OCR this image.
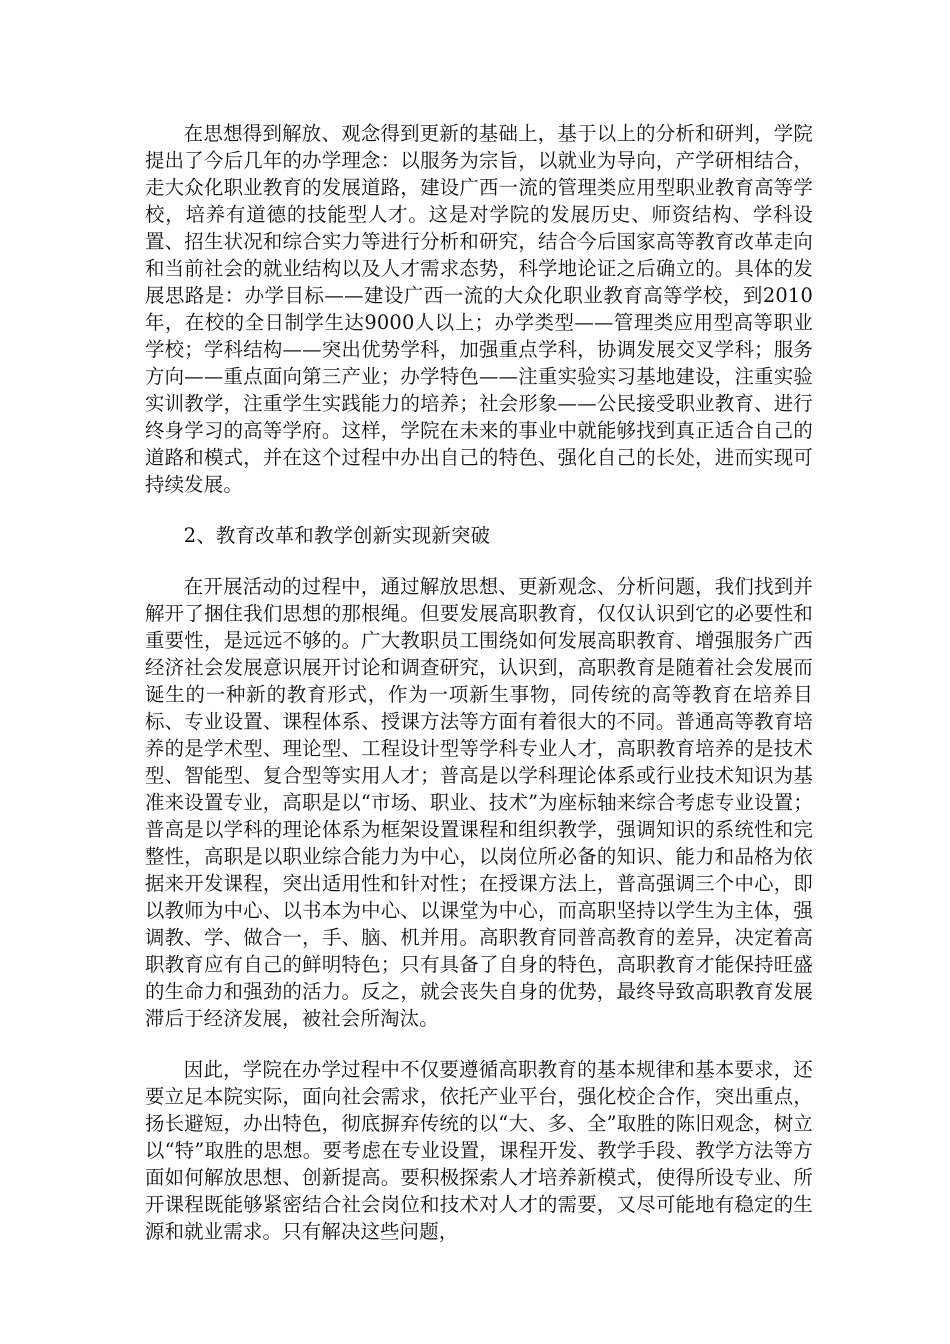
在思想得到解放、观念得到更新的基础上，基于以上的分析和研判，学院提出了今后几年的办学理念：以服务为宗旨，以就业为导向，产学研相结合，走大众化职业教育的发展道路，建设广西一流的管理类应用型职业教育高等学校，培养有道德的技能型人才。这是对学院的发展历史、师资结构、学科设置、招生状况和综合实力等进行分析和研究，结合今后国家高等教育改革走向和当前社会的就业结构以及人才需求态势，科学地论证之后确立的。具体的发展思路是：办学目标——建设广西一流的大众化职业教育高等学校，到2010年，在校的全日制学生达9000人以上；办学类型——管理类应用型高等职业学校；学科结构——突出优势学科，加强重点学科，协调发展交叉学科；服务方向——重点面向第三产业；办学特色——注重实验实习基地建设，注重实验实训教学，注重学生实践能力的培养；社会形象——公民接受职业教育、进行终身学习的高等学府。这样，学院在未来的事业中就能够找到真正适合自己的道路和模式，并在这个过程中办出自己的特色、强化自己的长处，进而实现可持续发展。

2、教育改革和教学创新实现新突破

在开展活动的过程中，通过解放思想、更新观念、分析问题，我们找到并解开了捆住我们思想的那根绳。但要发展高职教育，仅仅认识到它的必要性和重要性，是远远不够的。广大教职员工围绕如何发展高职教育、增强服务广西经济社会发展意识展开讨论和调查研究，认识到，高职教育是随着社会发展而诞生的一种新的教育形式，作为一项新生事物，同传统的高等教育在培养目标、专业设置、课程体系、授课方法等方面有着很大的不同。普通高等教育培养的是学术型、理论型、工程设计型等学科专业人才，高职教育培养的是技术型、智能型、复合型等实用人才；普高是以学科理论体系或行业技术知识为基准来设置专业，高职是以“市场、职业、技术”为座标轴来综合考虑专业设置；普高是以学科的理论体系为框架设置课程和组织教学，强调知识的系统性和完整性，高职是以职业综合能力为中心，以岗位所必备的知识、能力和品格为依据来开发课程，突出适用性和针对性；在授课方法上，普高强调三个中心，即以教师为中心、以书本为中心、以课堂为中心，而高职坚持以学生为主体，强调教、学、做合一，手、脑、机并用。高职教育同普高教育的差异，决定着高职教育应有自己的鲜明特色；只有具备了自身的特色，高职教育才能保持旺盛的生命力和强劲的活力。反之，就会丧失自身的优势，最终导致高职教育发展滞后于经济发展，被社会所淘汰。

因此，学院在办学过程中不仅要遵循高职教育的基本规律和基本要求，还要立足本院实际，面向社会需求，依托产业平台，强化校企合作，突出重点，扬长避短，办出特色，彻底摒弃传统的以“大、多、全”取胜的陈旧观念，树立以“特”取胜的思想。要考虑在专业设置，课程开发、教学手段、教学方法等方面如何解放思想、创新提高。要积极探索人才培养新模式，使得所设专业、所开课程既能够紧密结合社会岗位和技术对人才的需要，又尽可能地有稳定的生源和就业需求。只有解决这些问题，
